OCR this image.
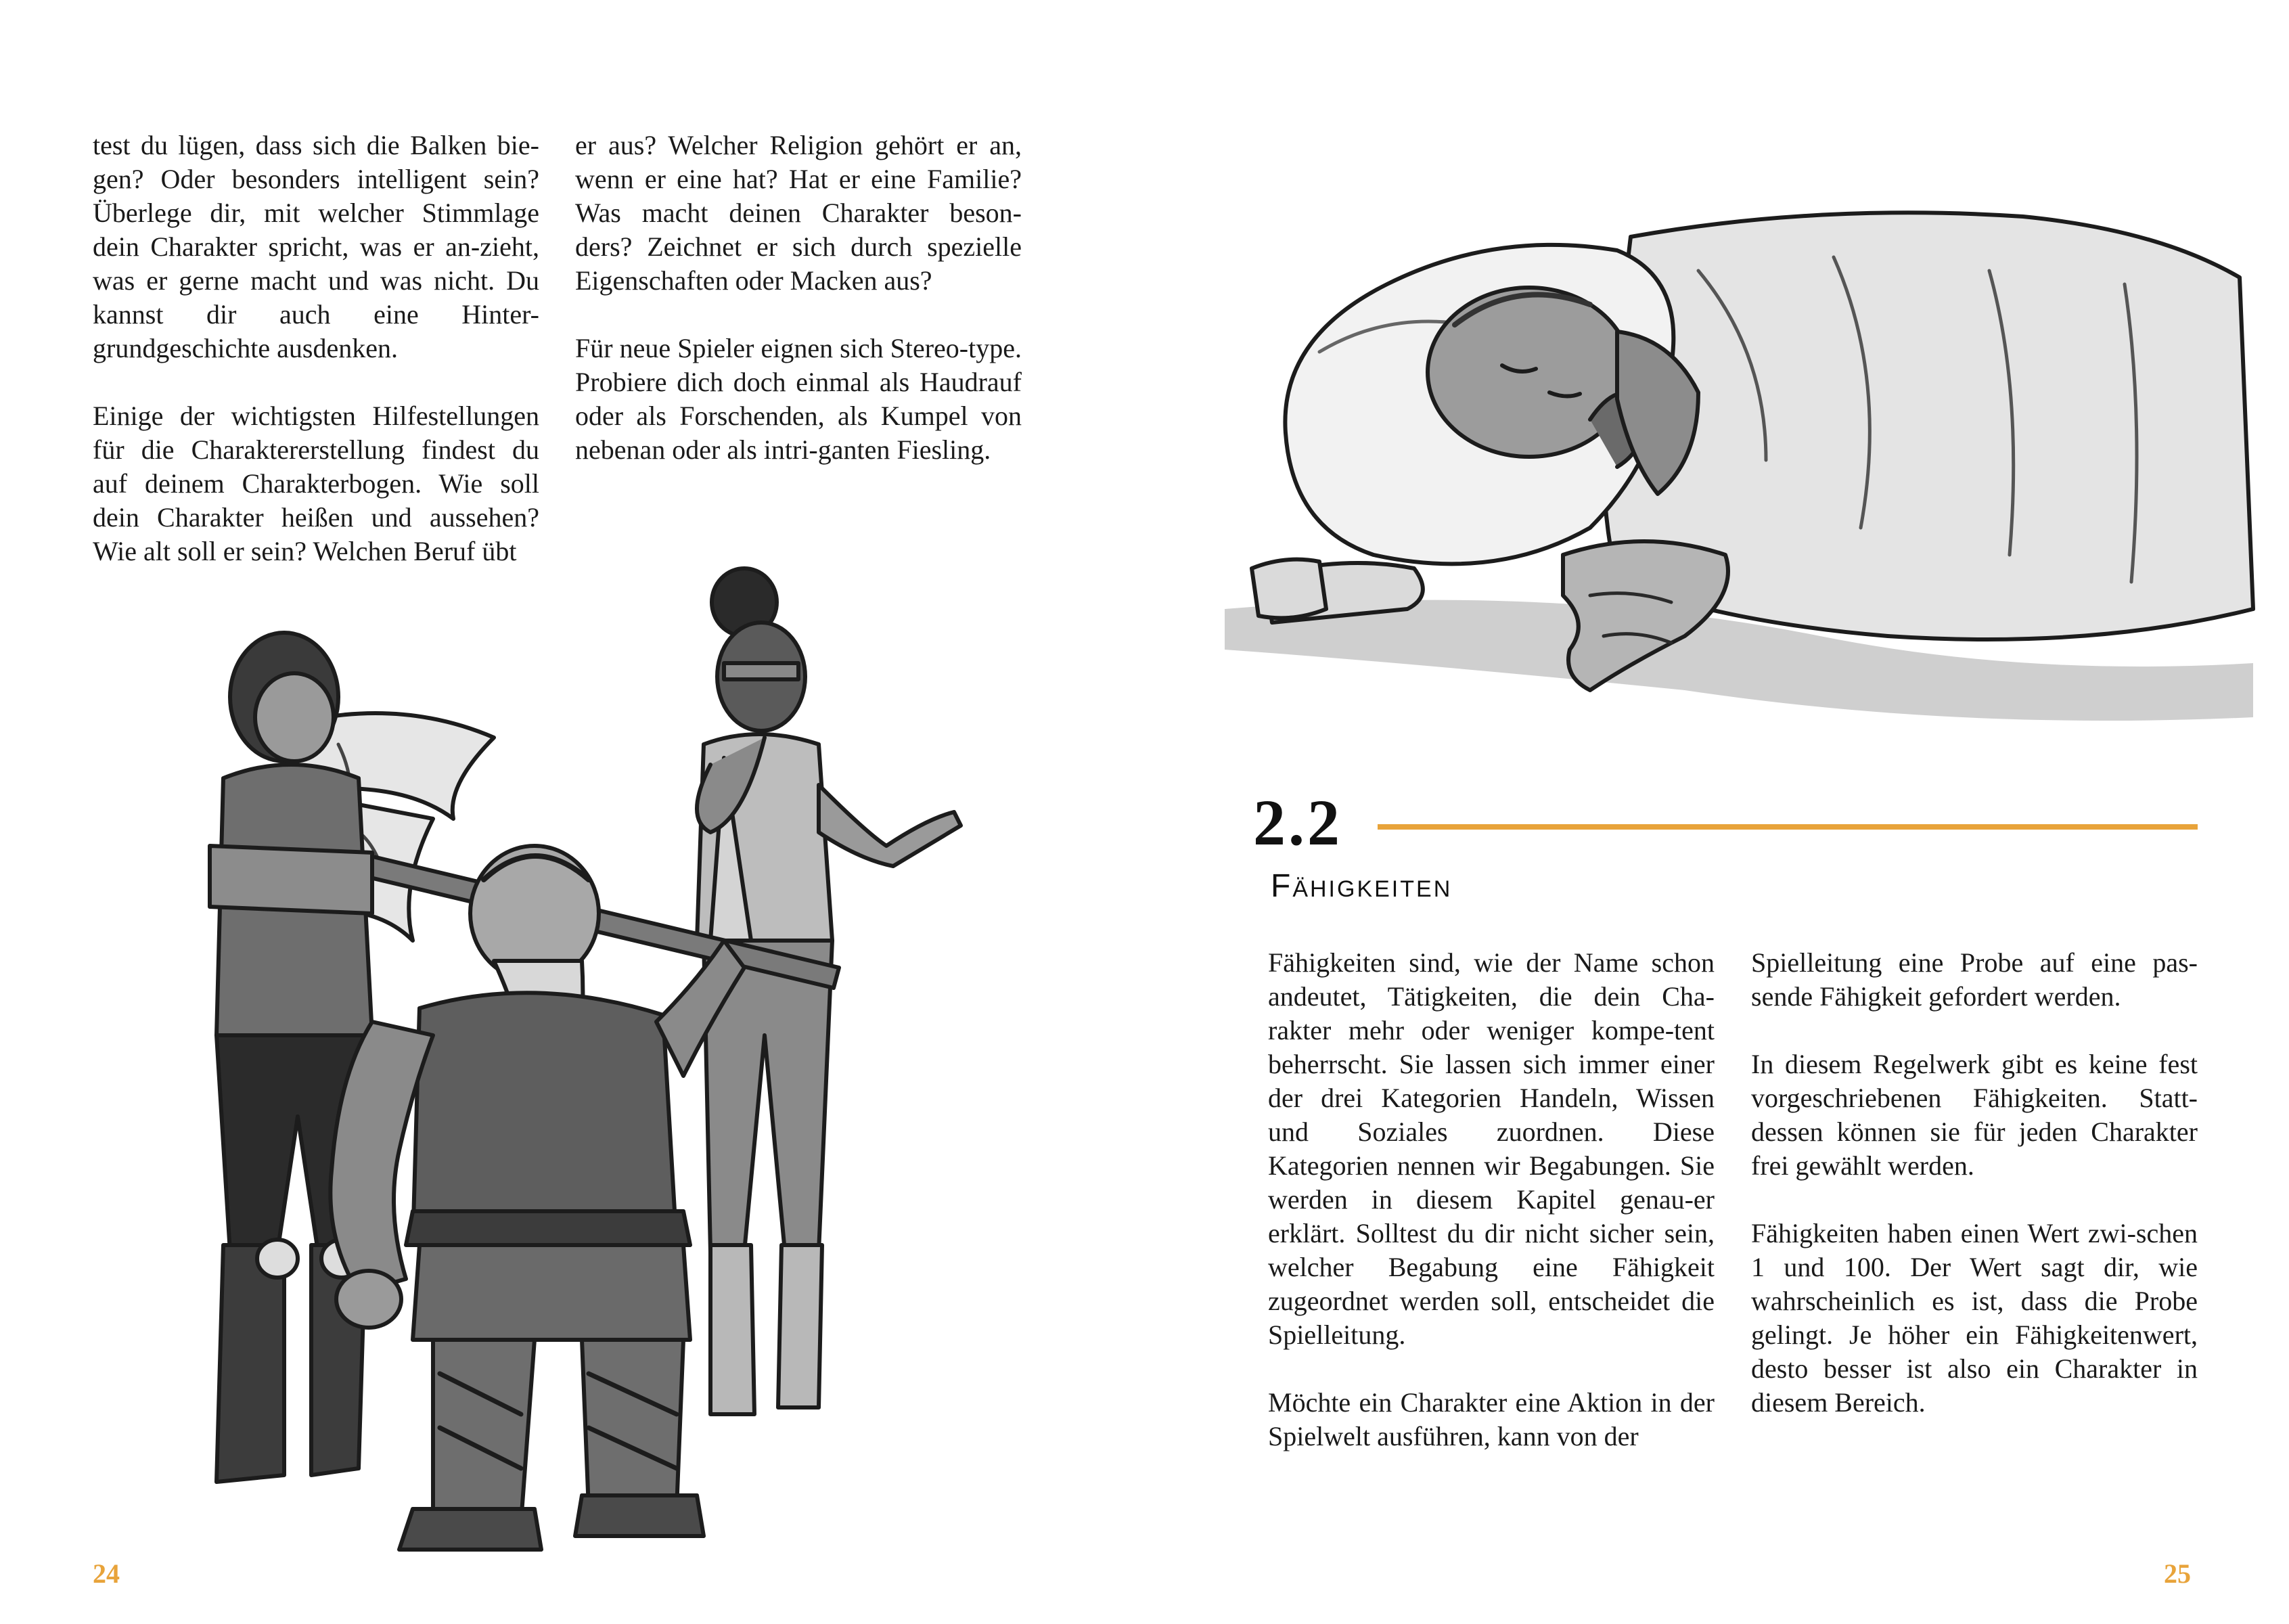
test du lügen, dass sich die Balken bie-gen? Oder besonders intelligent sein? Überlege dir, mit welcher Stimmlage dein Charakter spricht, was er an-zieht, was er gerne macht und was nicht. Du kannst dir auch eine Hinter-grundgeschichte ausdenken.

Einige der wichtigsten Hilfestellungen für die Charaktererstellung findest du auf deinem Charakterbogen. Wie soll dein Charakter heißen und aussehen? Wie alt soll er sein? Welchen Beruf übt

er aus? Welcher Religion gehört er an, wenn er eine hat? Hat er eine Familie? Was macht deinen Charakter beson-ders? Zeichnet er sich durch spezielle Eigenschaften oder Macken aus?

Für neue Spieler eignen sich Stereo-type. Probiere dich doch einmal als Haudrauf oder als Forschenden, als Kumpel von nebenan oder als intri-ganten Fiesling.

24
2.2
Fähigkeiten

Fähigkeiten sind, wie der Name schon andeutet, Tätigkeiten, die dein Cha-rakter mehr oder weniger kompe-tent beherrscht. Sie lassen sich immer einer der drei Kategorien Handeln, Wissen und Soziales zuordnen. Diese Kategorien nennen wir Begabungen. Sie werden in diesem Kapitel genau-er erklärt. Solltest du dir nicht sicher sein, welcher Begabung eine Fähigkeit zugeordnet werden soll, entscheidet die Spielleitung.

Möchte ein Charakter eine Aktion in der Spielwelt ausführen, kann von der

Spielleitung eine Probe auf eine pas-sende Fähigkeit gefordert werden.

In diesem Regelwerk gibt es keine fest vorgeschriebenen Fähigkeiten. Statt-dessen können sie für jeden Charakter frei gewählt werden.

Fähigkeiten haben einen Wert zwi-schen 1 und 100. Der Wert sagt dir, wie wahrscheinlich es ist, dass die Probe gelingt. Je höher ein Fähigkeitenwert, desto besser ist also ein Charakter in diesem Bereich.

25
